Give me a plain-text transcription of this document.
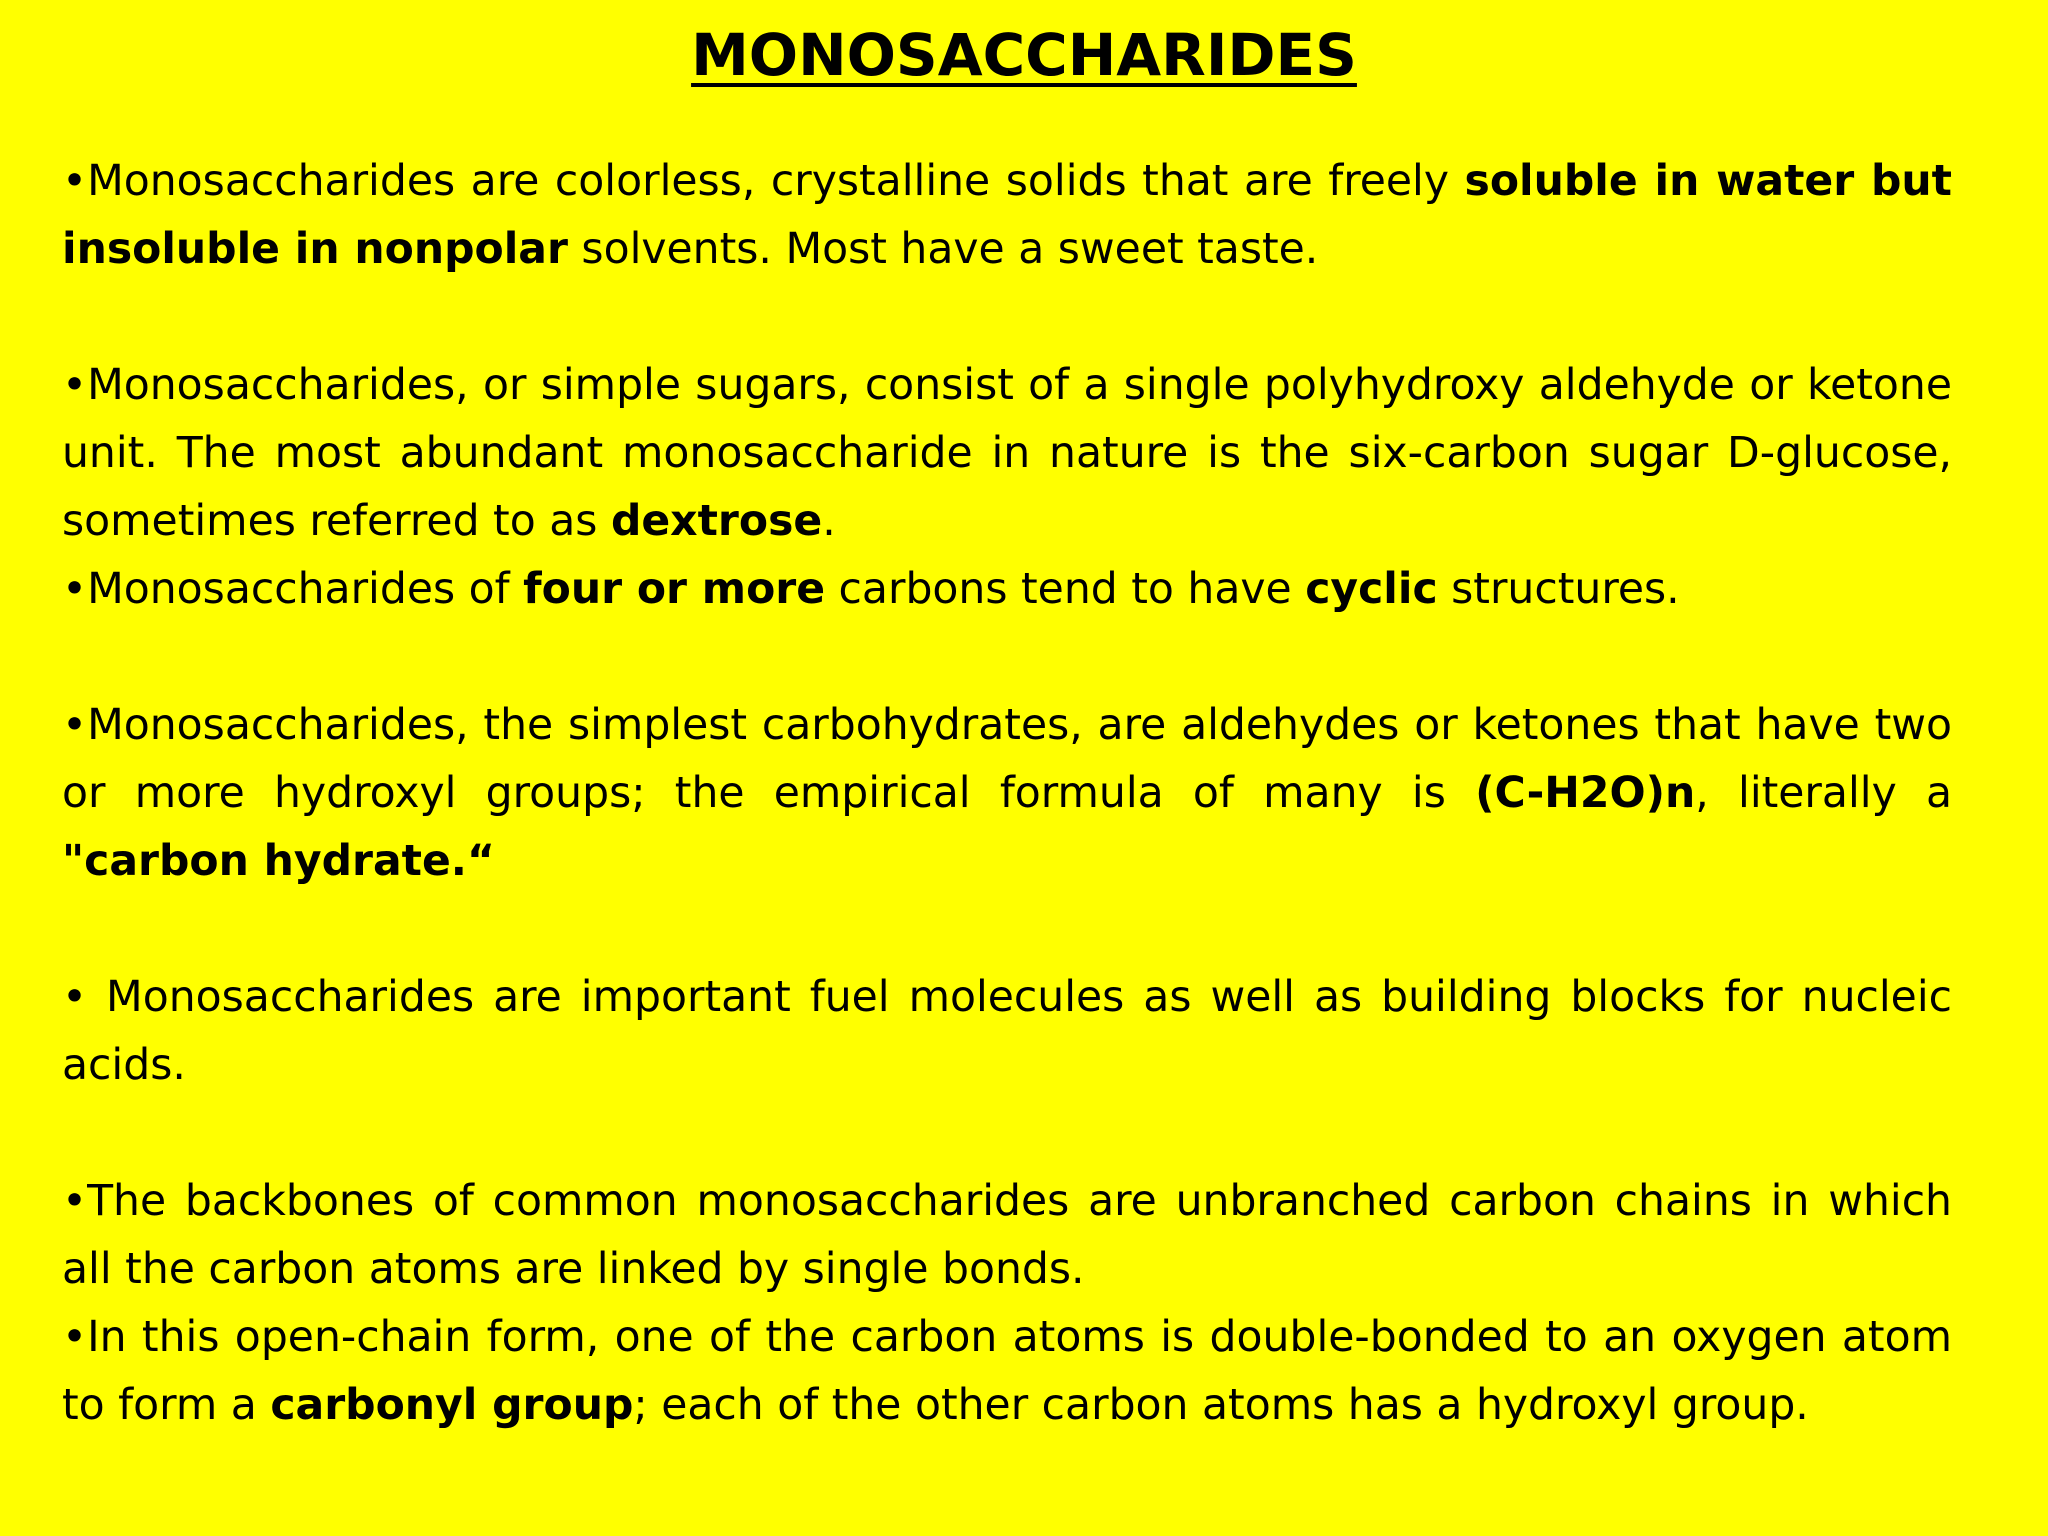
MONOSACCHARIDES

•Monosaccharides are colorless, crystalline solids that are freely soluble in water but insoluble in nonpolar solvents. Most have a sweet taste.

•Monosaccharides, or simple sugars, consist of a single polyhydroxy aldehyde or ketone unit. The most abundant monosaccharide in nature is the six-carbon sugar D-glucose, sometimes referred to as dextrose.

•Monosaccharides of four or more carbons tend to have cyclic structures.

•Monosaccharides, the simplest carbohydrates, are aldehydes or ketones that have two or more hydroxyl groups; the empirical formula of many is (C-H2O)n, literally a "carbon hydrate.“

• Monosaccharides are important fuel molecules as well as building blocks for nucleic acids.

•The backbones of common monosaccharides are unbranched carbon chains in which all the carbon atoms are linked by single bonds.

•In this open-chain form, one of the carbon atoms is double-bonded to an oxygen atom to form a carbonyl group; each of the other carbon atoms has a hydroxyl group.
